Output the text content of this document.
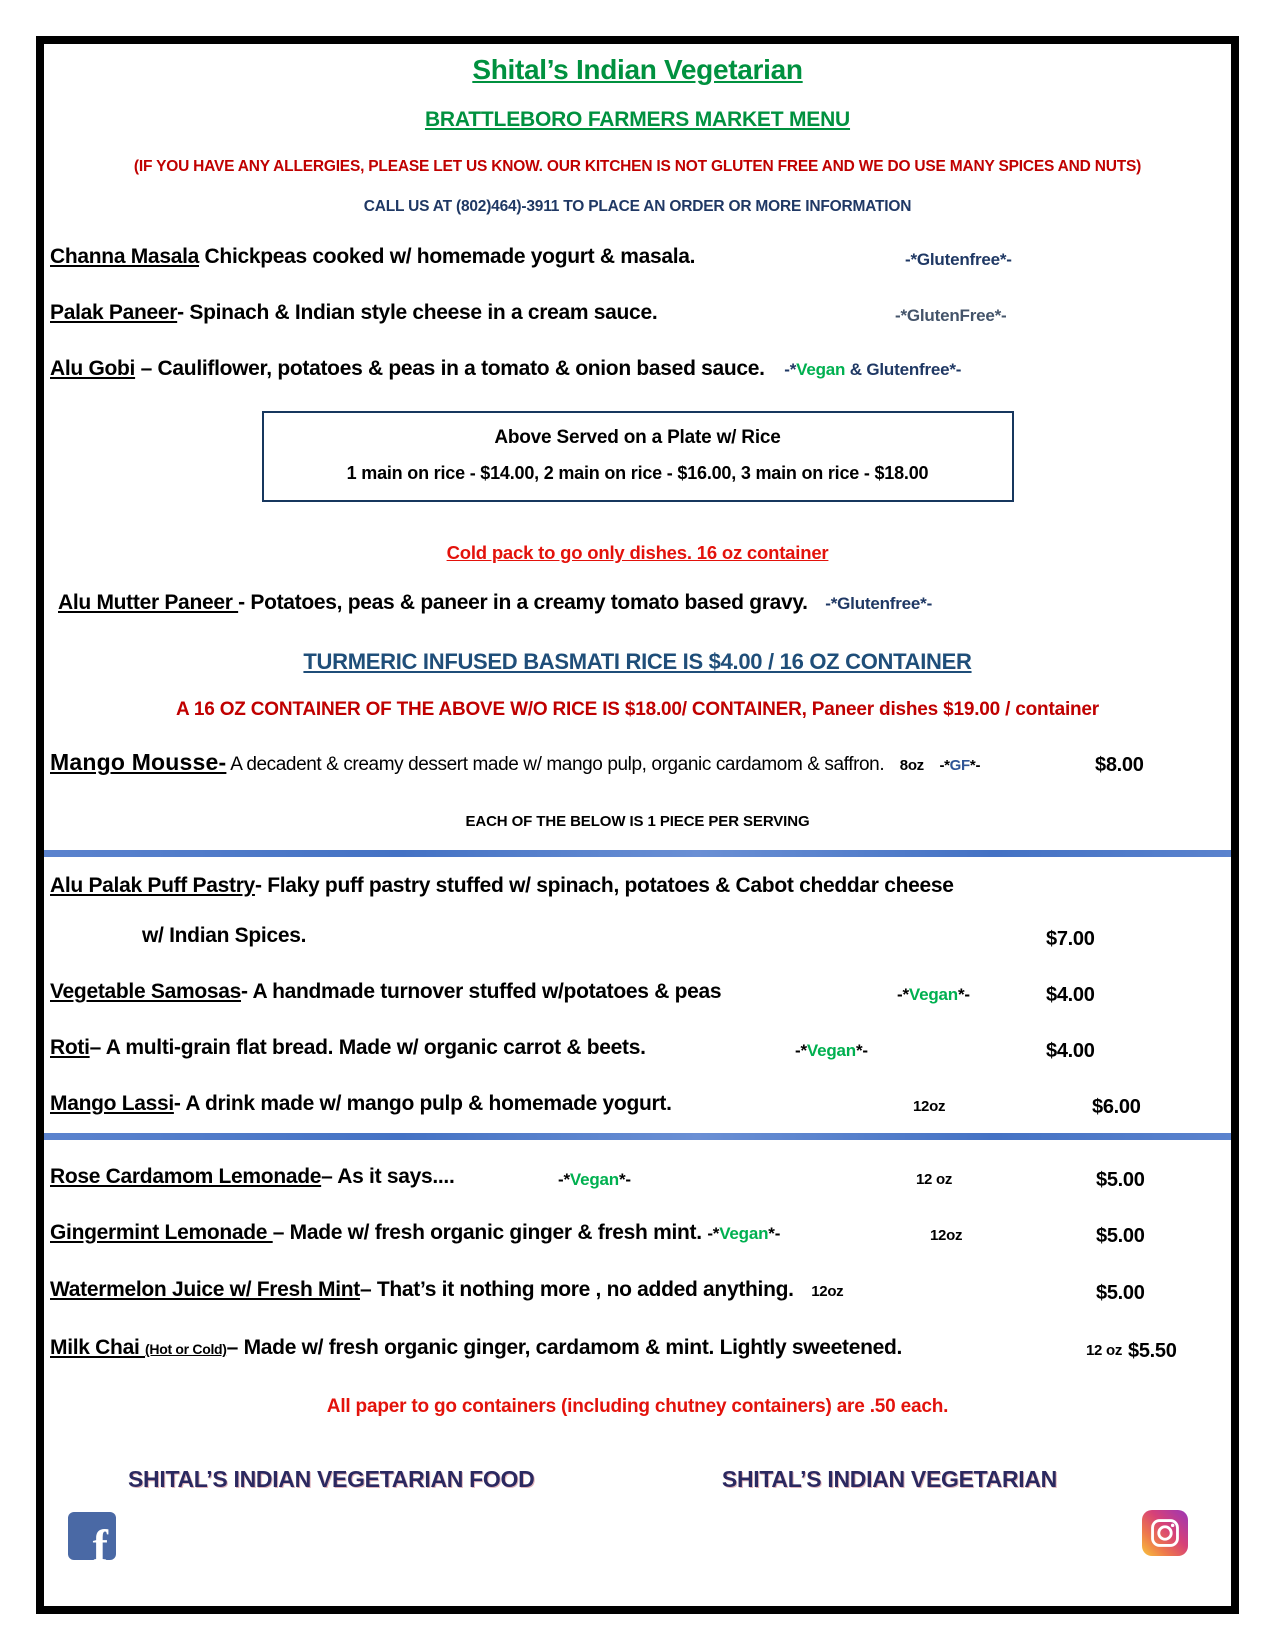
Shital’s Indian Vegetarian
BRATTLEBORO FARMERS MARKET MENU
(IF YOU HAVE ANY ALLERGIES, PLEASE LET US KNOW. OUR KITCHEN IS NOT GLUTEN FREE AND WE DO USE MANY SPICES AND NUTS)
CALL US AT (802)464)-3911 TO PLACE AN ORDER OR MORE INFORMATION
Channa Masala Chickpeas cooked w/ homemade yogurt & masala.	-*Glutenfree*-
Palak Paneer- Spinach & Indian style cheese in a cream sauce.	-*GlutenFree*-
Alu Gobi – Cauliflower, potatoes & peas in a tomato & onion based sauce. -*Vegan & Glutenfree*-
Above Served on a Plate w/ Rice
1 main on rice - $14.00, 2 main on rice - $16.00, 3 main on rice - $18.00
Cold pack to go only dishes. 16 oz container
Alu Mutter Paneer - Potatoes, peas & paneer in a creamy tomato based gravy. -*Glutenfree*-
TURMERIC INFUSED BASMATI RICE IS $4.00 / 16 OZ CONTAINER
A 16 OZ CONTAINER OF THE ABOVE W/O RICE IS $18.00/ CONTAINER, Paneer dishes $19.00 / container
Mango Mousse- A decadent & creamy dessert made w/ mango pulp, organic cardamom & saffron. 8oz -*GF*-	$8.00
EACH OF THE BELOW IS 1 PIECE PER SERVING
Alu Palak Puff Pastry- Flaky puff pastry stuffed w/ spinach, potatoes & Cabot cheddar cheese
w/ Indian Spices.	$7.00
Vegetable Samosas- A handmade turnover stuffed w/potatoes & peas	-*Vegan*-	$4.00
Roti– A multi-grain flat bread. Made w/ organic carrot & beets.	-*Vegan*-	$4.00
Mango Lassi- A drink made w/ mango pulp & homemade yogurt.	12oz	$6.00
Rose Cardamom Lemonade– As it says....	-*Vegan*-	12 oz	$5.00
Gingermint Lemonade – Made w/ fresh organic ginger & fresh mint. -*Vegan*-	12oz	$5.00
Watermelon Juice w/ Fresh Mint– That’s it nothing more , no added anything. 12oz	$5.00
Milk Chai (Hot or Cold)– Made w/ fresh organic ginger, cardamom & mint. Lightly sweetened.	12 oz $5.50
All paper to go containers (including chutney containers) are .50 each.
SHITAL’S INDIAN VEGETARIAN FOOD	SHITAL’S INDIAN VEGETARIAN
f
